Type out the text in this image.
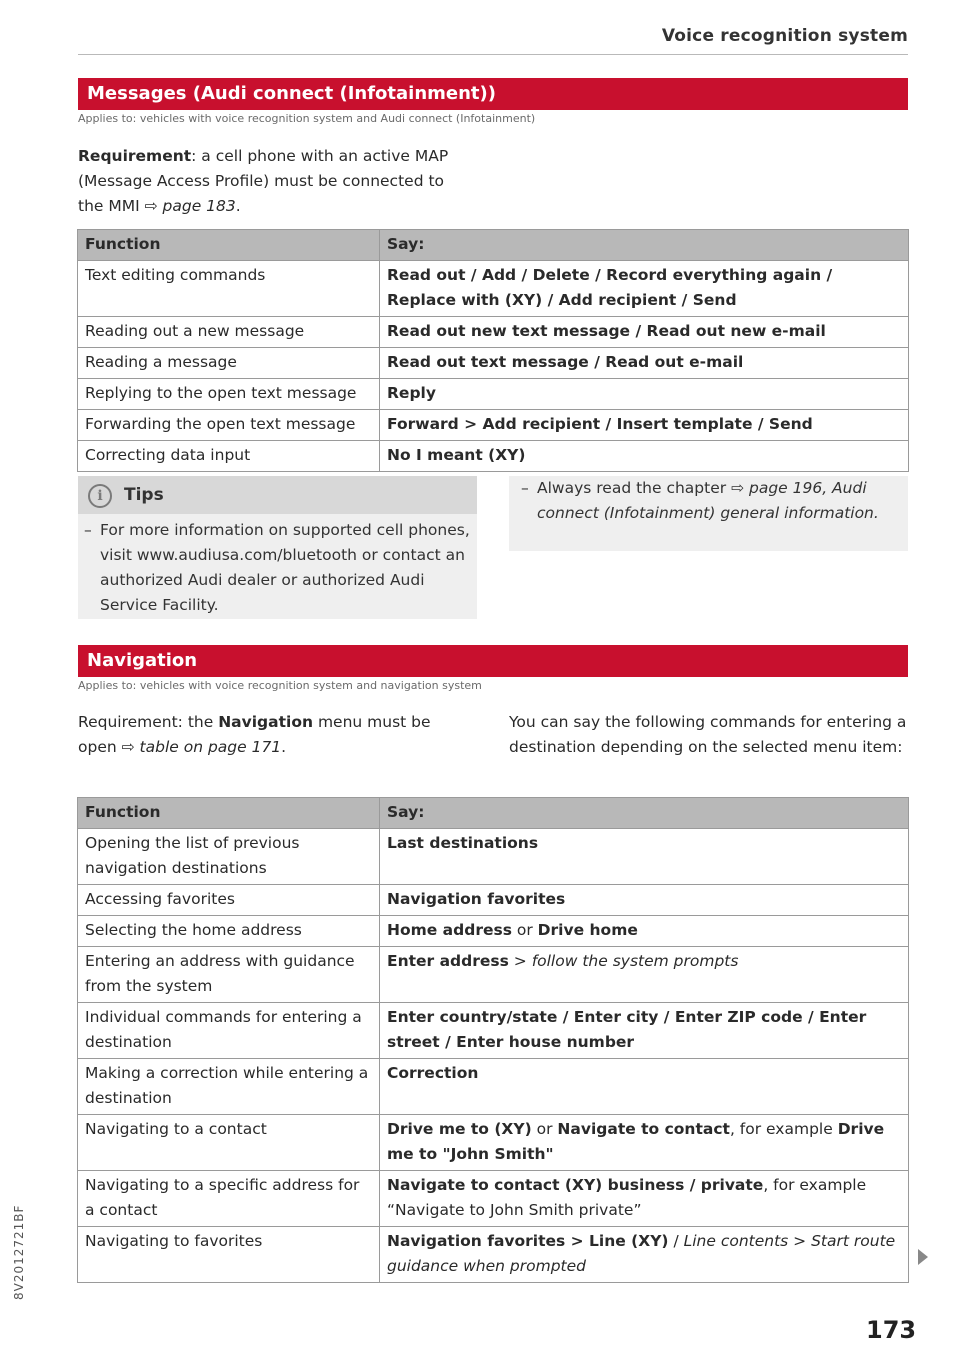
Voice recognition system
Messages (Audi connect (Infotainment))
Applies to: vehicles with voice recognition system and Audi connect (Infotainment)
Requirement: a cell phone with an active MAP
(Message Access Profile) must be connected to
the MMI ⇨ page 183.
Function	Say:
Text editing commands	Read out / Add / Delete / Record everything again / Replace with (XY) / Add recipient / Send
Reading out a new message	Read out new text message / Read out new e-mail
Reading a message	Read out text message / Read out e-mail
Replying to the open text message	Reply
Forwarding the open text message	Forward > Add recipient / Insert template / Send
Correcting data input	No I meant (XY)
i	Tips
– For more information on supported cell phones, visit www.audiusa.com/bluetooth or contact an authorized Audi dealer or authorized Audi Service Facility.
– Always read the chapter ⇨ page 196, Audi connect (Infotainment) general information.
Navigation
Applies to: vehicles with voice recognition system and navigation system
Requirement: the Navigation menu must be
open ⇨ table on page 171.
You can say the following commands for entering a destination depending on the selected menu item:
Function	Say:
Opening the list of previous navigation destinations	Last destinations
Accessing favorites	Navigation favorites
Selecting the home address	Home address or Drive home
Entering an address with guidance from the system	Enter address > follow the system prompts
Individual commands for entering a destination	Enter country/state / Enter city / Enter ZIP code / Enter street / Enter house number
Making a correction while entering a destination	Correction
Navigating to a contact	Drive me to (XY) or Navigate to contact, for example Drive me to "John Smith"
Navigating to a specific address for a contact	Navigate to contact (XY) business / private, for example “Navigate to John Smith private”
Navigating to favorites	Navigation favorites > Line (XY) / Line contents > Start route guidance when prompted
8V2012721BF
173
